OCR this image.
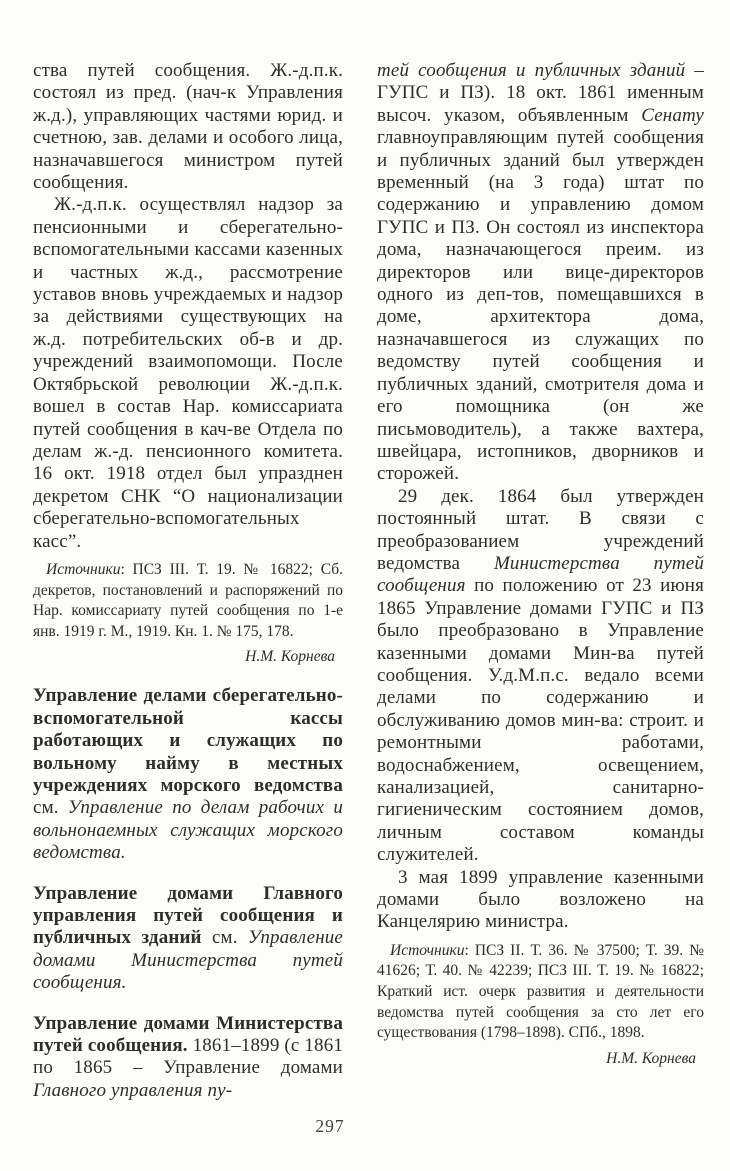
ства путей сообщения. Ж.-д.п.к. состоял из пред. (нач-к Управления ж.д.), управляющих частями юрид. и счетною, зав. делами и особого лица, назначавшегося министром путей сообщения.

Ж.-д.п.к. осуществлял надзор за пенсионными и сберегательно-вспомогательными кассами казенных и частных ж.д., рассмотрение уставов вновь учреждаемых и надзор за действиями существующих на ж.д. потребительских об-в и др. учреждений взаимопомощи. После Октябрьской революции Ж.-д.п.к. вошел в состав Нар. комиссариата путей сообщения в кач-ве Отдела по делам ж.-д. пенсионного комитета. 16 окт. 1918 отдел был упразднен декретом СНК “О национализации сберегательно-вспомогательных касс”.

Источники: ПСЗ III. Т. 19. № 16822; Сб. декретов, постановлений и распоряжений по Нар. комиссариату путей сообщения по 1-е янв. 1919 г. М., 1919. Кн. 1. № 175, 178.

Н.М. Корнева

Управление делами сберегательно-вспомогательной кассы работающих и служащих по вольному найму в местных учреждениях морского ведомства см. Управление по делам рабочих и вольнонаемных служащих морского ведомства.

Управление домами Главного управления путей сообщения и публичных зданий см. Управление домами Министерства путей сообщения.

Управление домами Министерства путей сообщения. 1861–1899 (с 1861 по 1865 – Управление домами Главного управления пу-

тей сообщения и публичных зданий – ГУПС и ПЗ). 18 окт. 1861 именным высоч. указом, объявленным Сенату главноуправляющим путей сообщения и публичных зданий был утвержден временный (на 3 года) штат по содержанию и управлению домом ГУПС и ПЗ. Он состоял из инспектора дома, назначающегося преим. из директоров или вице-директоров одного из деп-тов, помещавшихся в доме, архитектора дома, назначавшегося из служащих по ведомству путей сообщения и публичных зданий, смотрителя дома и его помощника (он же письмоводитель), а также вахтера, швейцара, истопников, дворников и сторожей.

29 дек. 1864 был утвержден постоянный штат. В связи с преобразованием учреждений ведомства Министерства путей сообщения по положению от 23 июня 1865 Управление домами ГУПС и ПЗ было преобразовано в Управление казенными домами Мин-ва путей сообщения. У.д.М.п.с. ведало всеми делами по содержанию и обслуживанию домов мин-ва: строит. и ремонтными работами, водоснабжением, освещением, канализацией, санитарно-гигиеническим состоянием домов, личным составом команды служителей.

3 мая 1899 управление казенными домами было возложено на Канцелярию министра.

Источники: ПСЗ II. Т. 36. № 37500; Т. 39. № 41626; Т. 40. № 42239; ПСЗ III. Т. 19. № 16822; Краткий ист. очерк развития и деятельности ведомства путей сообщения за сто лет его существования (1798–1898). СПб., 1898.

Н.М. Корнева

297
